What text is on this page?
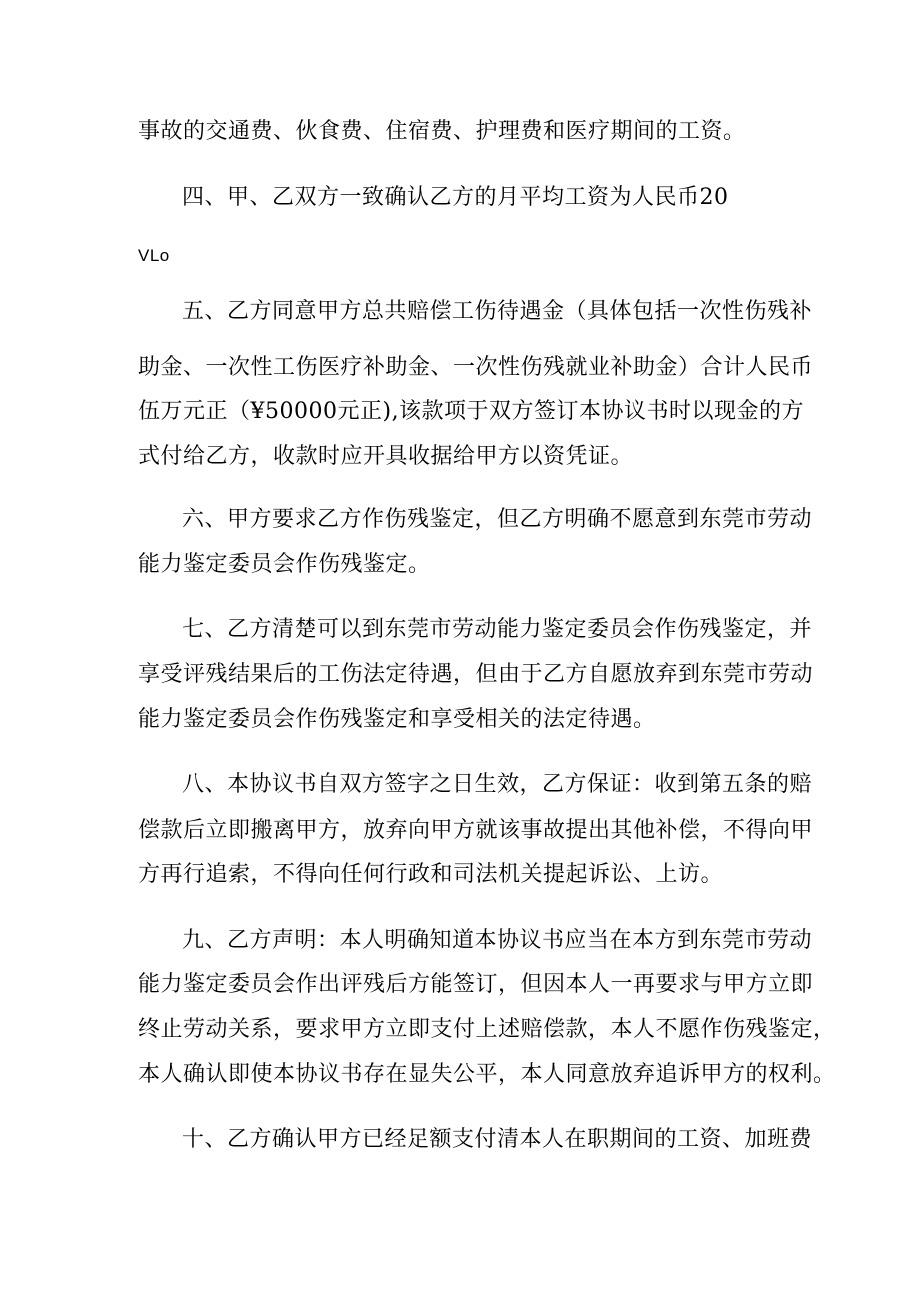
事故的交通费、伙食费、住宿费、护理费和医疗期间的工资。
四、甲、乙双方一致确认乙方的月平均工资为人民币20
VLo
五、乙方同意甲方总共赔偿工伤待遇金（具体包括一次性伤残补
助金、一次性工伤医疗补助金、一次性伤残就业补助金）合计人民币
伍万元正（¥50000元正),该款项于双方签订本协议书时以现金的方
式付给乙方，收款时应开具收据给甲方以资凭证。
六、甲方要求乙方作伤残鉴定，但乙方明确不愿意到东莞市劳动
能力鉴定委员会作伤残鉴定。
七、乙方清楚可以到东莞市劳动能力鉴定委员会作伤残鉴定，并
享受评残结果后的工伤法定待遇，但由于乙方自愿放弃到东莞市劳动
能力鉴定委员会作伤残鉴定和享受相关的法定待遇。
八、本协议书自双方签字之日生效，乙方保证：收到第五条的赔
偿款后立即搬离甲方，放弃向甲方就该事故提出其他补偿，不得向甲
方再行追索，不得向任何行政和司法机关提起诉讼、上访。
九、乙方声明：本人明确知道本协议书应当在本方到东莞市劳动
能力鉴定委员会作出评残后方能签订，但因本人一再要求与甲方立即
终止劳动关系，要求甲方立即支付上述赔偿款，本人不愿作伤残鉴定，
本人确认即使本协议书存在显失公平，本人同意放弃追诉甲方的权利。
十、乙方确认甲方已经足额支付清本人在职期间的工资、加班费
